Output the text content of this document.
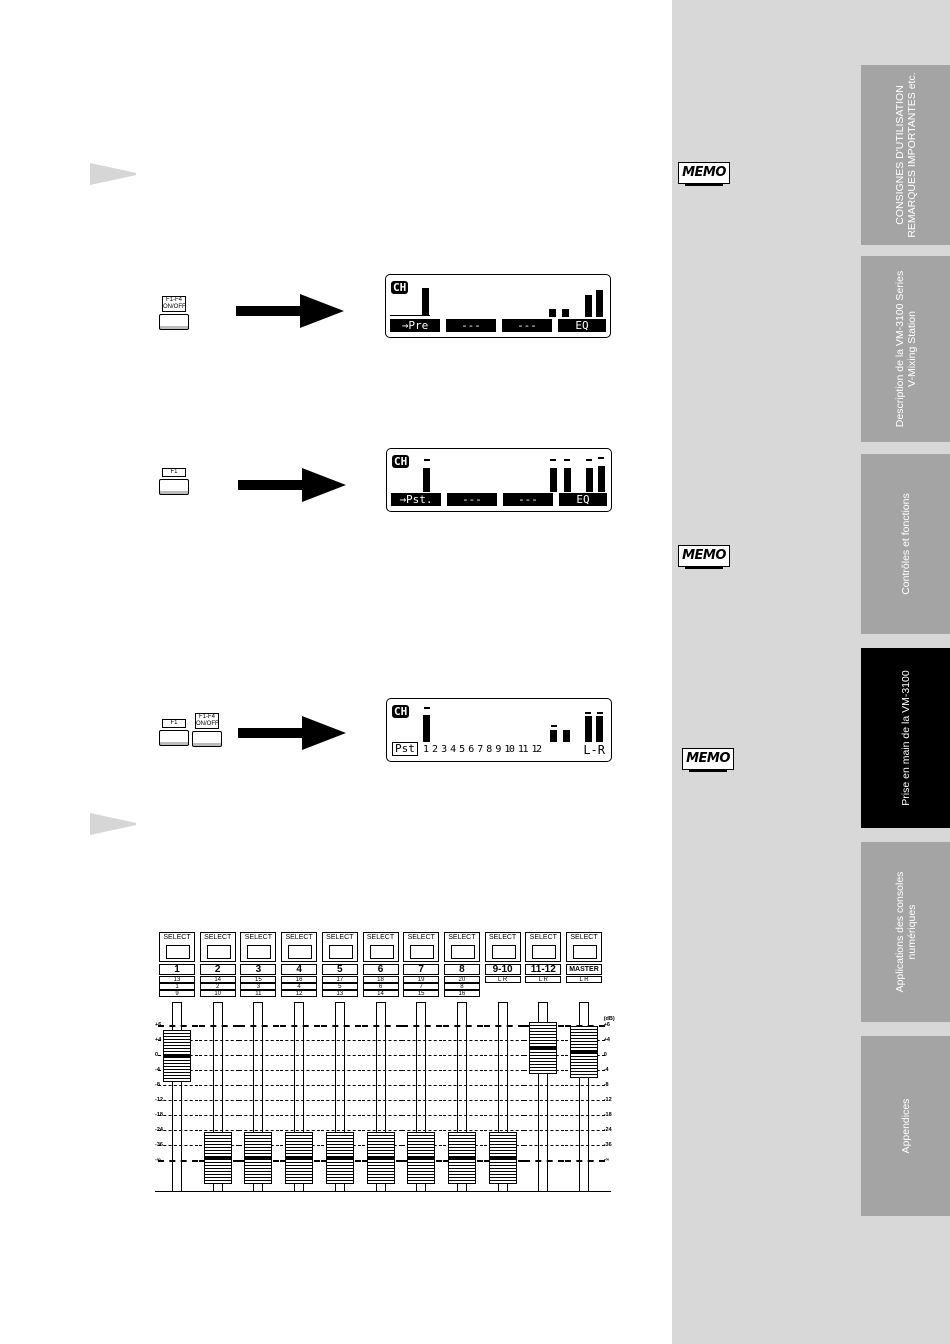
MEMO
MEMO
MEMO
CONSIGNES D'UTILISATION REMARQUES IMPORTANTES etc.
Description de la VM-3100 Series V-Mixing Station
Contrôles et fonctions
Prise en main de la VM-3100
Applications des consoles numériques
Appendices
F1-F4
ON/OFF
CH
→Pre	---	---	EQ
F1
CH
→Pst.	---	---	EQ
F1
F1-F4
ON/OFF
CH
Pst 1 2 3 4 5 6 7 8 9 10 11 12	L-R
SELECT
1
13
1
9
SELECT
2
14
2
10
SELECT
3
15
3
11
SELECT
4
16
4
12
SELECT
5
17
5
13
SELECT
6
18
6
14
SELECT
7
19
7
15
SELECT
8
20
8
16
SELECT
9-10
L R
SELECT
11-12
L R
SELECT
MASTER
L R
+6
+4
0
-4
-8
-12
-18
-24
-36
-∞
(dB)
+6
+4
0
-4
-8
-12
-18
-24
-36
-∞
